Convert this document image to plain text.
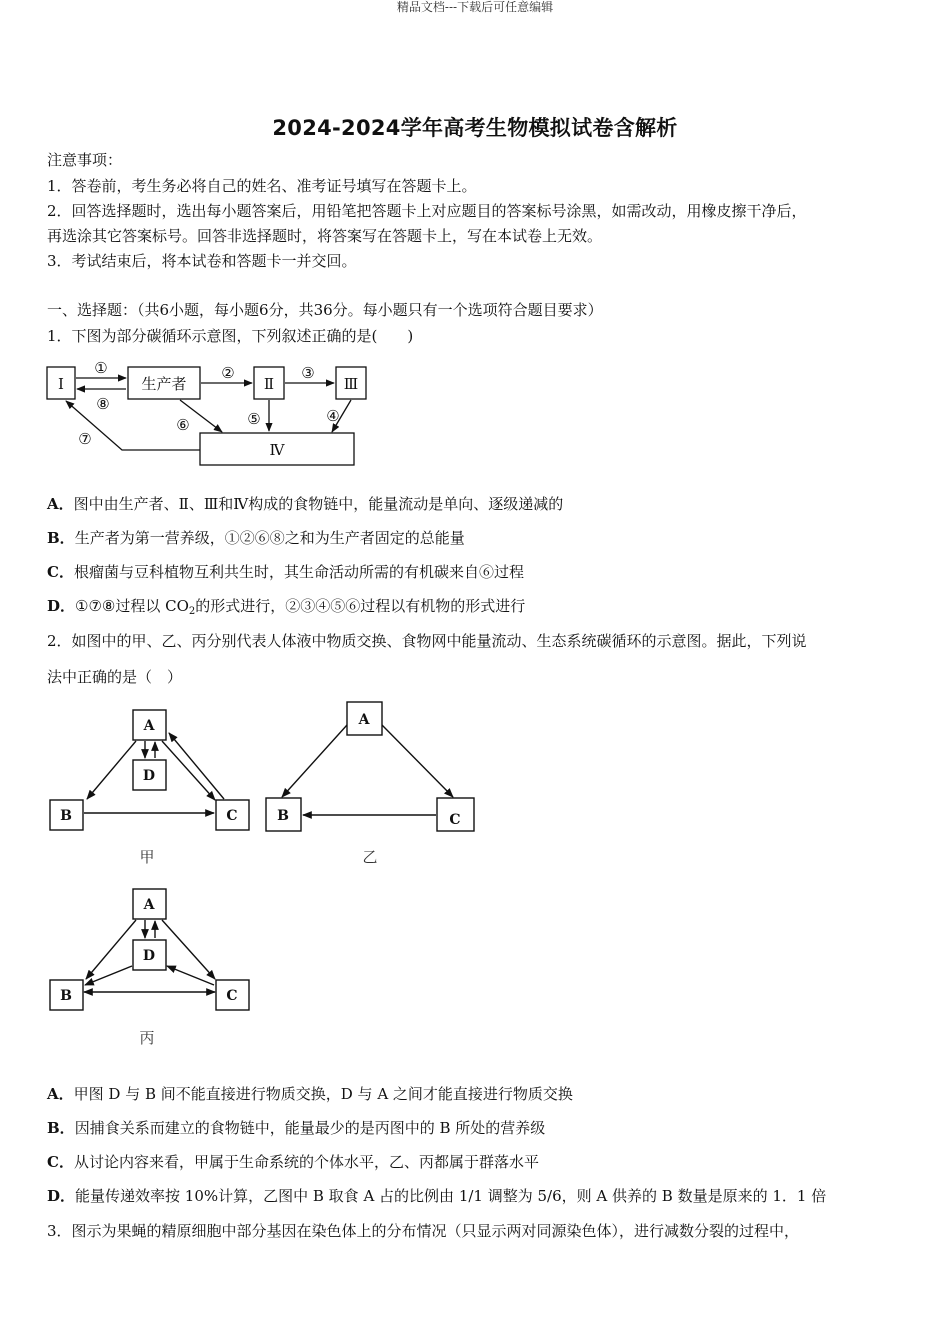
精品文档---下载后可任意编辑
2024-2024学年高考生物模拟试卷含解析
注意事项：
1．答卷前，考生务必将自己的姓名、准考证号填写在答题卡上。
2．回答选择题时，选出每小题答案后，用铅笔把答题卡上对应题目的答案标号涂黑，如需改动，用橡皮擦干净后，
再选涂其它答案标号。回答非选择题时，将答案写在答题卡上，写在本试卷上无效。
3．考试结束后，将本试卷和答题卡一并交回。
一、选择题：（共6小题，每小题6分，共36分。每小题只有一个选项符合题目要求）
1．下图为部分碳循环示意图，下列叙述正确的是(　　)
Ⅰ	生产者	Ⅱ	Ⅲ
Ⅳ
①
⑧
②	③
⑥	⑤	④
⑦
A
D
B	C
A
B	C
A
D
B	C
甲	乙
丙
A．图中由生产者、Ⅱ、Ⅲ和Ⅳ构成的食物链中，能量流动是单向、逐级递减的
B．生产者为第一营养级，①②⑥⑧之和为生产者固定的总能量
C．根瘤菌与豆科植物互利共生时，其生命活动所需的有机碳来自⑥过程
D．①⑦⑧过程以 $CO_2$的形式进行，②③④⑤⑥过程以有机物的形式进行
2．如图中的甲、乙、丙分别代表人体液中物质交换、食物网中能量流动、生态系统碳循环的示意图。据此，下列说
法中正确的是（　）
A．甲图 D 与 B 间不能直接进行物质交换，D 与 A 之间才能直接进行物质交换
B．因捕食关系而建立的食物链中，能量最少的是丙图中的 B 所处的营养级
C．从讨论内容来看，甲属于生命系统的个体水平，乙、丙都属于群落水平
D．能量传递效率按 10%计算，乙图中 B 取食 A 占的比例由 1/1 调整为 5/6，则 A 供养的 B 数量是原来的 1．1 倍
3．图示为果蝇的精原细胞中部分基因在染色体上的分布情况（只显示两对同源染色体），进行减数分裂的过程中，
